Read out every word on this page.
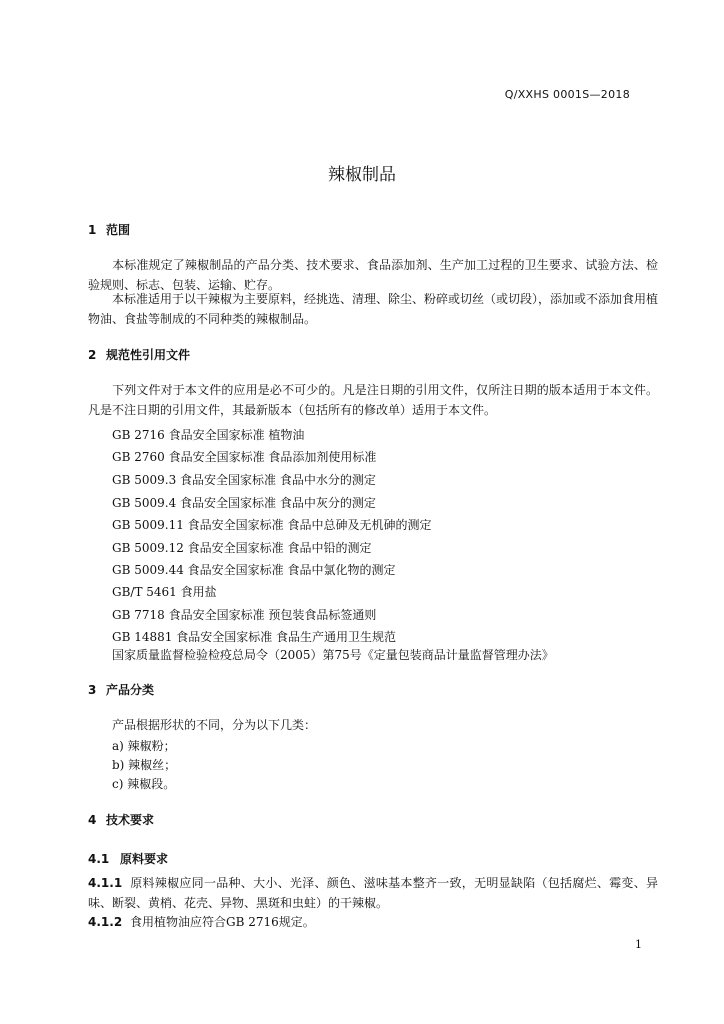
Q/XXHS 0001S—2018
辣椒制品
1 范围
本标准规定了辣椒制品的产品分类、技术要求、食品添加剂、生产加工过程的卫生要求、试验方法、检验规则、标志、包装、运输、贮存。
本标准适用于以干辣椒为主要原料，经挑选、清理、除尘、粉碎或切丝（或切段），添加或不添加食用植物油、食盐等制成的不同种类的辣椒制品。
2 规范性引用文件
下列文件对于本文件的应用是必不可少的。凡是注日期的引用文件，仅所注日期的版本适用于本文件。凡是不注日期的引用文件，其最新版本（包括所有的修改单）适用于本文件。
GB 2716 食品安全国家标准 植物油
GB 2760 食品安全国家标准 食品添加剂使用标准
GB 5009.3 食品安全国家标准 食品中水分的测定
GB 5009.4 食品安全国家标准 食品中灰分的测定
GB 5009.11 食品安全国家标准 食品中总砷及无机砷的测定
GB 5009.12 食品安全国家标准 食品中铅的测定
GB 5009.44 食品安全国家标准 食品中氯化物的测定
GB/T 5461 食用盐
GB 7718 食品安全国家标准 预包装食品标签通则
GB 14881 食品安全国家标准 食品生产通用卫生规范
国家质量监督检验检疫总局令（2005）第75号《定量包装商品计量监督管理办法》
3 产品分类
产品根据形状的不同，分为以下几类：
a) 辣椒粉；
b) 辣椒丝；
c) 辣椒段。
4 技术要求
4.1 原料要求
4.1.1 原料辣椒应同一品种、大小、光泽、颜色、滋味基本整齐一致，无明显缺陷（包括腐烂、霉变、异味、断裂、黄梢、花壳、异物、黑斑和虫蛀）的干辣椒。
4.1.2 食用植物油应符合GB 2716规定。
1
